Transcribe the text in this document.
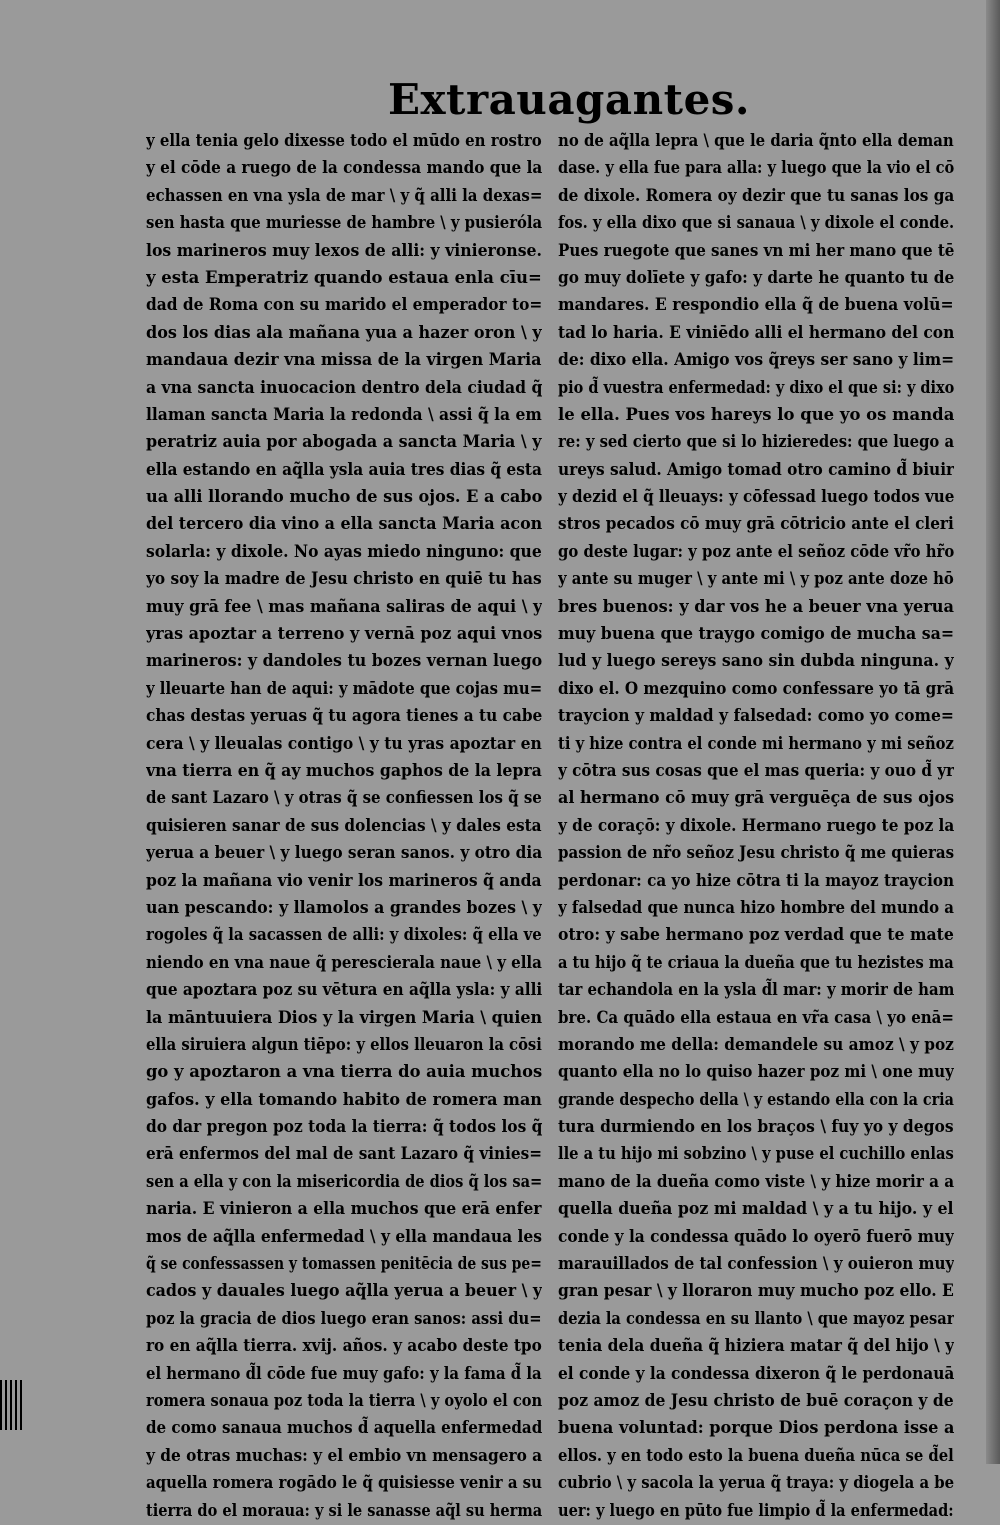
Extrauagantes.
y ella tenia gelo dixesse todo el mūdo en rostro
y el cōde a ruego de la condessa mando que la
echassen en vna ysla de mar \ y q̃ alli la dexas=
sen hasta que muriesse de hambre \ y pusieróla
los marineros muy lexos de alli: y vinieronse.
y esta Emperatriz quando estaua enla cīu=
dad de Roma con su marido el emperador to=
dos los dias ala mañana yua a hazer oron \ y
mandaua dezir vna missa de la virgen Maria
a vna sancta inuocacion dentro dela ciudad q̃
llaman sancta Maria la redonda \ assi q̃ la em
peratriz auia por abogada a sancta Maria \ y
ella estando en aq̃lla ysla auia tres dias q̃ esta
ua alli llorando mucho de sus ojos. E a cabo
del tercero dia vino a ella sancta Maria acon
solarla: y dixole. No ayas miedo ninguno: que
yo soy la madre de Jesu christo en quiē tu has
muy grā fee \ mas mañana saliras de aqui \ y
yras apoztar a terreno y vernā poz aqui vnos
marineros: y dandoles tu bozes vernan luego
y lleuarte han de aqui: y mādote que cojas mu=
chas destas yeruas q̃ tu agora tienes a tu cabe
cera \ y lleualas contigo \ y tu yras apoztar en
vna tierra en q̃ ay muchos gaphos de la lepra
de sant Lazaro \ y otras q̃ se confiessen los q̃ se
quisieren sanar de sus dolencias \ y dales esta
yerua a beuer \ y luego seran sanos. y otro dia
poz la mañana vio venir los marineros q̃ anda
uan pescando: y llamolos a grandes bozes \ y
rogoles q̃ la sacassen de alli: y dixoles: q̃ ella ve
niendo en vna naue q̃ perescierala naue \ y ella
que apoztara poz su vētura en aq̃lla ysla: y alli
la māntuuiera Dios y la virgen Maria \ quien
ella siruiera algun tiēpo: y ellos lleuaron la cōsi
go y apoztaron a vna tierra do auia muchos
gafos. y ella tomando habito de romera man
do dar pregon poz toda la tierra: q̃ todos los q̃
erā enfermos del mal de sant Lazaro q̃ vinies=
sen a ella y con la misericordia de dios q̃ los sa=
naria. E vinieron a ella muchos que erā enfer
mos de aq̃lla enfermedad \ y ella mandaua les
q̃ se confessassen y tomassen penitēcia de sus pe=
cados y dauales luego aq̃lla yerua a beuer \ y
poz la gracia de dios luego eran sanos: assi du=
ro en aq̃lla tierra. xvij. años. y acabo deste tpo
el hermano d̃l cōde fue muy gafo: y la fama d̃ la
romera sonaua poz toda la tierra \ y oyolo el con
de como sanaua muchos d̃ aquella enfermedad
y de otras muchas: y el embio vn mensagero a
aquella romera rogādo le q̃ quisiesse venir a su
tierra do el moraua: y si le sanasse aq̃l su herma
no de aq̃lla lepra \ que le daria q̃nto ella deman
dase. y ella fue para alla: y luego que la vio el cō
de dixole. Romera oy dezir que tu sanas los ga
fos. y ella dixo que si sanaua \ y dixole el conde.
Pues ruegote que sanes vn mi her mano que tē
go muy dolīete y gafo: y darte he quanto tu de
mandares. E respondio ella q̃ de buena volū=
tad lo haria. E viniēdo alli el hermano del con
de: dixo ella. Amigo vos q̃reys ser sano y lim=
pio d̃ vuestra enfermedad: y dixo el que si: y dixo
le ella. Pues vos hareys lo que yo os manda
re: y sed cierto que si lo hizieredes: que luego a
ureys salud. Amigo tomad otro camino d̃ biuir
y dezid el q̃ lleuays: y cōfessad luego todos vue
stros pecados cō muy grā cōtricio ante el cleri
go deste lugar: y poz ante el señoz cōde vr̃o hr̃o
y ante su muger \ y ante mi \ y poz ante doze hō
bres buenos: y dar vos he a beuer vna yerua
muy buena que traygo comigo de mucha sa=
lud y luego sereys sano sin dubda ninguna. y
dixo el. O mezquino como confessare yo tā grā
traycion y maldad y falsedad: como yo come=
ti y hize contra el conde mi hermano y mi señoz
y cōtra sus cosas que el mas queria: y ouo d̃ yr
al hermano cō muy grā verguēça de sus ojos
y de coraçō: y dixole. Hermano ruego te poz la
passion de nr̃o señoz Jesu christo q̃ me quieras
perdonar: ca yo hize cōtra ti la mayoz traycion
y falsedad que nunca hizo hombre del mundo a
otro: y sabe hermano poz verdad que te mate
a tu hijo q̃ te criaua la dueña que tu hezistes ma
tar echandola en la ysla d̃l mar: y morir de ham
bre. Ca quādo ella estaua en vr̃a casa \ yo enā=
morando me della: demandele su amoz \ y poz
quanto ella no lo quiso hazer poz mi \ one muy
grande despecho della \ y estando ella con la cria
tura durmiendo en los braços \ fuy yo y degos
lle a tu hijo mi sobzino \ y puse el cuchillo enlas
mano de la dueña como viste \ y hize morir a a
quella dueña poz mi maldad \ y a tu hijo. y el
conde y la condessa quādo lo oyerō fuerō muy
marauillados de tal confession \ y ouieron muy
gran pesar \ y lloraron muy mucho poz ello. E
dezia la condessa en su llanto \ que mayoz pesar
tenia dela dueña q̃ hiziera matar q̃ del hijo \ y
el conde y la condessa dixeron q̃ le perdonauā
poz amoz de Jesu christo de buē coraçon y de
buena voluntad: porque Dios perdona isse a
ellos. y en todo esto la buena dueña nūca se d̃el
cubrio \ y sacola la yerua q̃ traya: y diogela a be
uer: y luego en pūto fue limpio d̃ la enfermedad:
